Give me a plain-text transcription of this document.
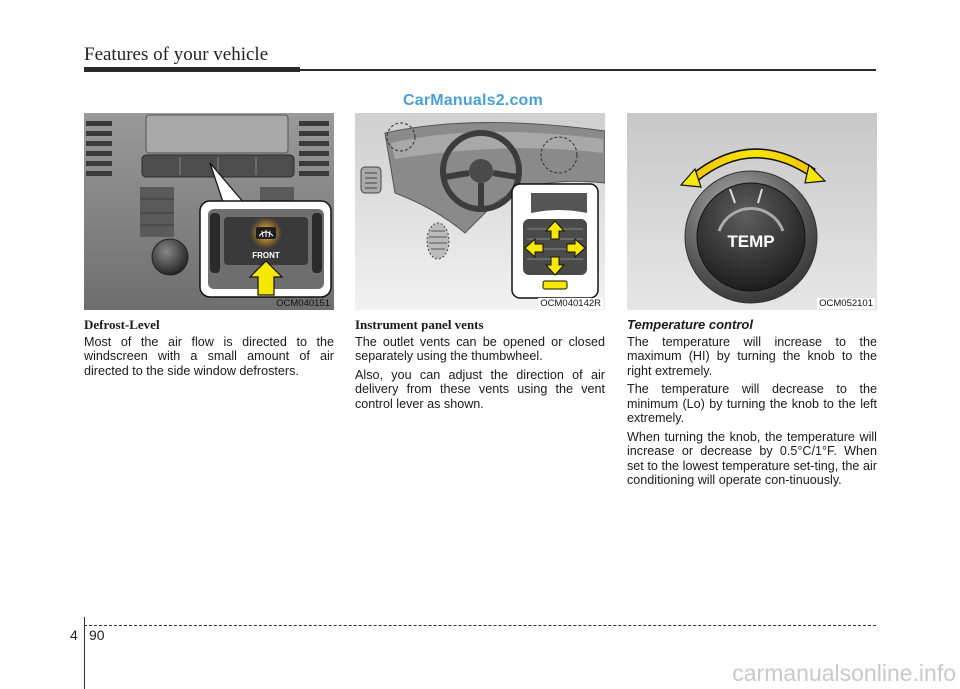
Features of your vehicle
CarManuals2.com
FRONT
OCM040151	OCM040142R
TEMP
OCM052101

Defrost-Level

Most of the air flow is directed to the windscreen with a small amount of air directed to the side window defrosters.

Instrument panel vents

The outlet vents can be opened or closed separately using the thumbwheel.

Also, you can adjust the direction of air delivery from these vents using the vent control lever as shown.

Temperature control

The temperature will increase to the maximum (HI) by turning the knob to the right extremely.

The temperature will decrease to the minimum (Lo) by turning the knob to the left extremely.

When turning the knob, the temperature will increase or decrease by 0.5°C/1°F. When set to the lowest temperature set-ting, the air conditioning will operate con-tinuously.

4 90
carmanualsonline.info
